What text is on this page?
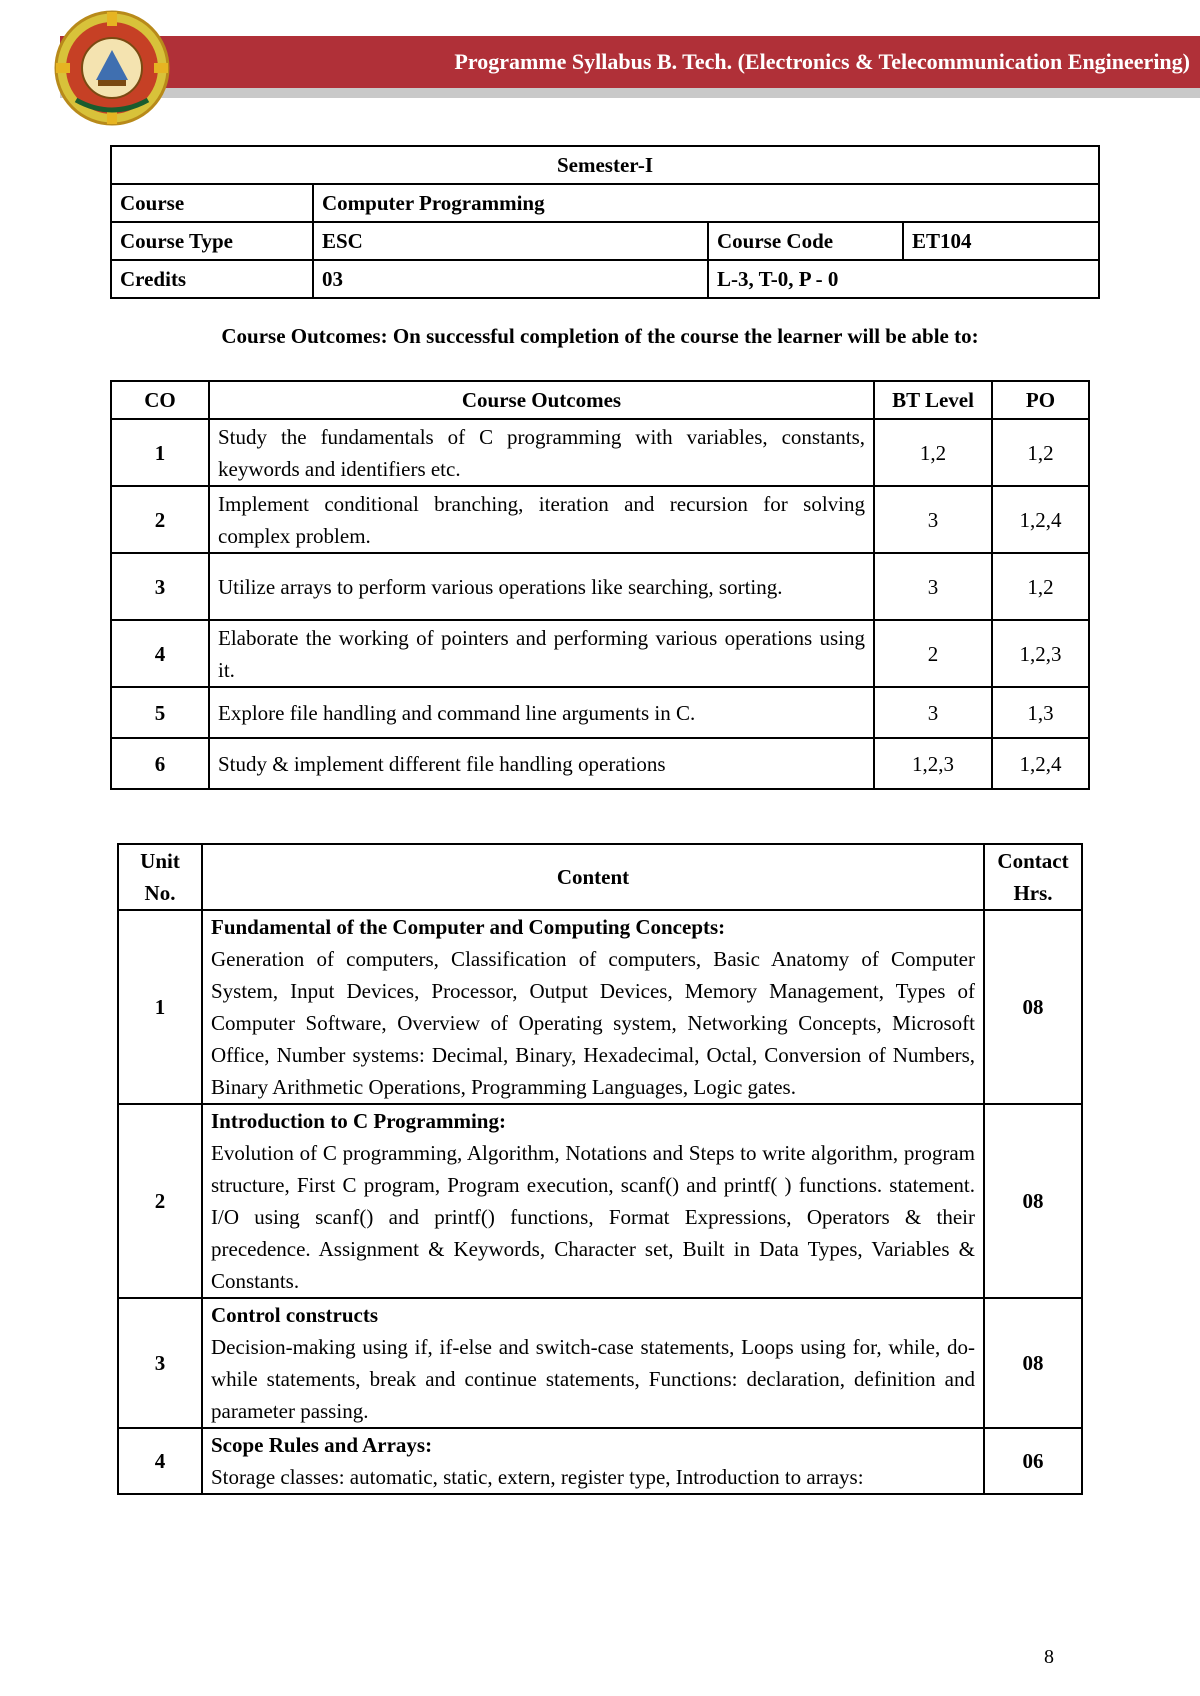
Programme Syllabus B. Tech. (Electronics & Telecommunication Engineering)
Semester-I			
Course	Computer Programming		
Course Type	ESC	Course Code	ET104
Credits	03	L-3, T-0, P - 0	
Course Outcomes: On successful completion of the course the learner will be able to:
CO	Course Outcomes	BT Level	PO
1	Study the fundamentals of C programming with variables, constants, keywords and identifiers etc.	1,2	1,2
2	Implement conditional branching, iteration and recursion for solving complex problem.	3	1,2,4
3	Utilize arrays to perform various operations like searching, sorting.	3	1,2
4	Elaborate the working of pointers and performing various operations using it.	2	1,2,3
5	Explore file handling and command line arguments in C.	3	1,3
6	Study & implement different file handling operations	1,2,3	1,2,4
Unit No.	Content	Contact Hrs.
1	Fundamental of the Computer and Computing Concepts:
Generation of computers, Classification of computers, Basic Anatomy of Computer System, Input Devices, Processor, Output Devices, Memory Management, Types of Computer Software, Overview of Operating system, Networking Concepts, Microsoft Office, Number systems: Decimal, Binary, Hexadecimal, Octal, Conversion of Numbers, Binary Arithmetic Operations, Programming Languages, Logic gates.	08
2	Introduction to C Programming:
Evolution of C programming, Algorithm, Notations and Steps to write algorithm, program structure, First C program, Program execution, scanf() and printf( ) functions. statement. I/O using scanf() and printf() functions, Format Expressions, Operators & their precedence. Assignment & Keywords, Character set, Built in Data Types, Variables & Constants.	08
3	Control constructs
Decision-making using if, if-else and switch-case statements, Loops using for, while, do-while statements, break and continue statements, Functions: declaration, definition and parameter passing.	08
4	Scope Rules and Arrays:
Storage classes: automatic, static, extern, register type, Introduction to arrays:	06
8
